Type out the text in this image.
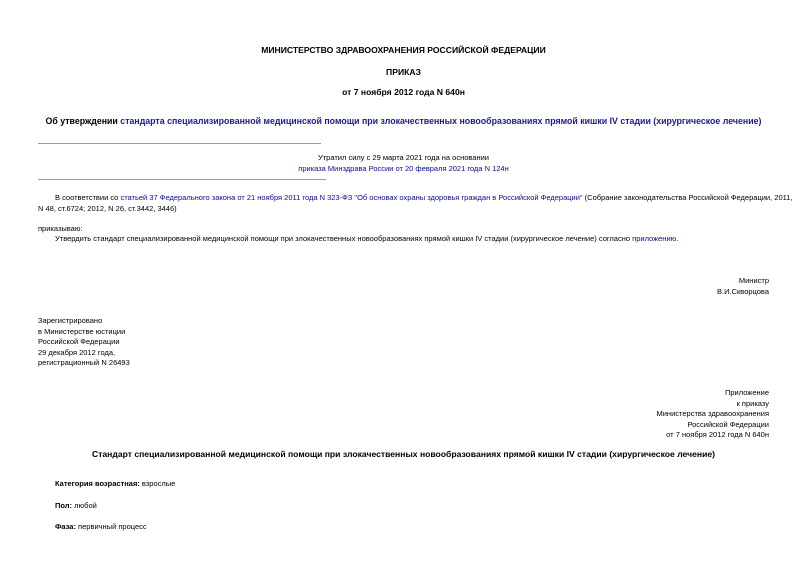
МИНИСТЕРСТВО ЗДРАВООХРАНЕНИЯ РОССИЙСКОЙ ФЕДЕРАЦИИ
ПРИКАЗ
от 7 ноября 2012 года N 640н
Об утверждении стандарта специализированной медицинской помощи при злокачественных новообразованиях прямой кишки IV стадии (хирургическое лечение)
Утратил силу с 29 марта 2021 года на основании
приказа Минздрава России от 20 февраля 2021 года N 124н
В соответствии со статьей 37 Федерального закона от 21 ноября 2011 года N 323-ФЗ "Об основах охраны здоровья граждан в Российской Федерации" (Собрание законодательства Российской Федерации, 2011,
N 48, ст.6724; 2012, N 26, ст.3442, 3446)
приказываю:
Утвердить стандарт специализированной медицинской помощи при злокачественных новообразованиях прямой кишки IV стадии (хирургическое лечение) согласно приложению.
Министр
В.И.Скворцова
Зарегистрировано
в Министерстве юстиции
Российской Федерации
29 декабря 2012 года,
регистрационный N 26493
Приложение
к приказу
Министерства здравоохранения
Российской Федерации
от 7 ноября 2012 года N 640н
Стандарт специализированной медицинской помощи при злокачественных новообразованиях прямой кишки IV стадии (хирургическое лечение)
Категория возрастная: взрослые
Пол: любой
Фаза: первичный процесс
